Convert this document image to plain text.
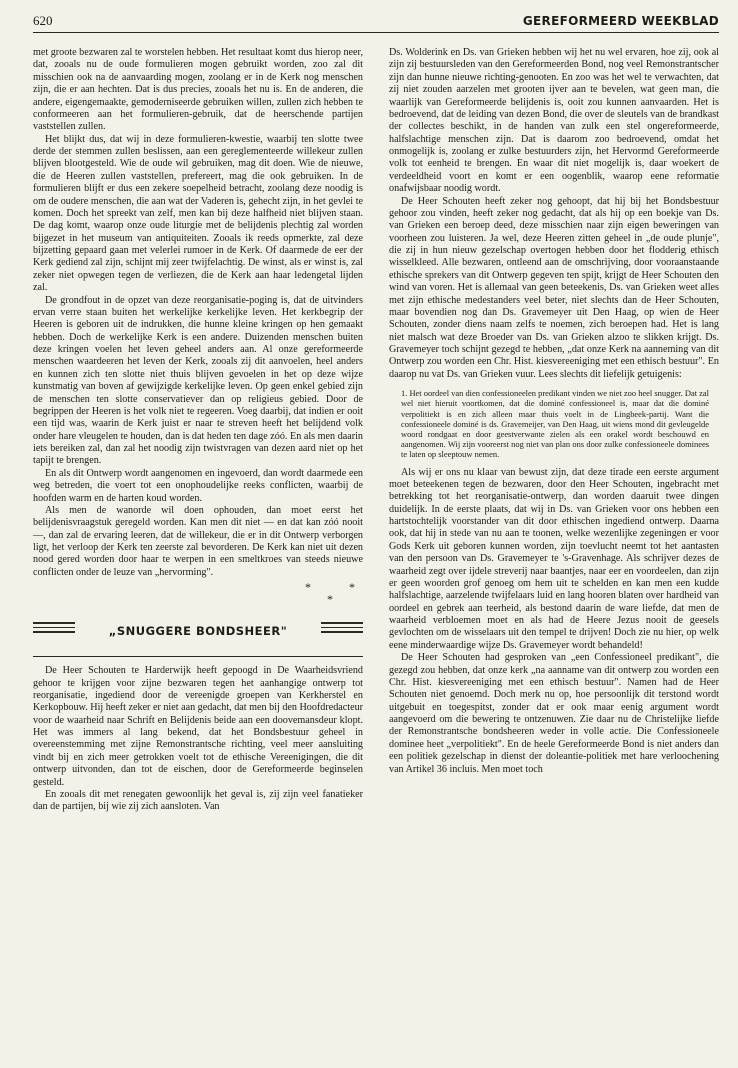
620	GEREFORMEERD WEEKBLAD

met groote bezwaren zal te worstelen hebben. Het resultaat komt dus hierop neer, dat, zooals nu de oude formulieren mogen gebruikt worden, zoo zal dit misschien ook na de aanvaarding mogen, zoolang er in de Kerk nog menschen zijn, die er aan hechten. Dat is dus precies, zooals het nu is. En de anderen, die andere, eigengemaakte, gemoderniseerde gebruiken willen, zullen zich hebben te conformeeren aan het formulieren-gebruik, dat de heerschende partijen vaststellen zullen.

Het blijkt dus, dat wij in deze formulieren-kwestie, waarbij ten slotte twee derde der stemmen zullen beslissen, aan een gereglementeerde willekeur zullen blijven blootgesteld. Wie de oude wil gebruiken, mag dit doen. Wie de nieuwe, die de Heeren zullen vaststellen, prefereert, mag die ook gebruiken. In de formulieren blijft er dus een zekere soepelheid betracht, zoolang deze noodig is om de oudere menschen, die aan wat der Vaderen is, gehecht zijn, in het gevlei te komen. Doch het spreekt van zelf, men kan bij deze halfheid niet blijven staan. De dag komt, waarop onze oude liturgie met de belijdenis plechtig zal worden bijgezet in het museum van antiquiteiten. Zooals ik reeds opmerkte, zal deze bijzetting gepaard gaan met velerlei rumoer in de Kerk. Of daarmede de eer der Kerk gediend zal zijn, schijnt mij zeer twijfelachtig. De winst, als er winst is, zal zeker niet opwegen tegen de verliezen, die de Kerk aan haar ledengetal lijden zal.

De grondfout in de opzet van deze reorganisatie-poging is, dat de uitvinders ervan verre staan buiten het werkelijke kerkelijke leven. Het kerkbegrip der Heeren is geboren uit de indrukken, die hunne kleine kringen op hen gemaakt hebben. Doch de werkelijke Kerk is een andere. Duizenden menschen buiten deze kringen voelen het leven geheel anders aan. Al onze gereformeerde menschen waardeeren het leven der Kerk, zooals zij dit aanvoelen, heel anders en kunnen zich ten slotte niet thuis blijven gevoelen in het op deze wijze kunstmatig van boven af gewijzigde kerkelijke leven. Op geen enkel gebied zijn de menschen ten slotte conservatiever dan op religieus gebied. Door de begrippen der Heeren is het volk niet te regeeren. Voeg daarbij, dat indien er ooit een tijd was, waarin de Kerk juist er naar te streven heeft het belijdend volk onder hare vleugelen te houden, dan is dat heden ten dage zóó. En als men daarin iets bereiken zal, dan zal het noodig zijn twistvragen van dezen aard niet op het tapijt te brengen.

En als dit Ontwerp wordt aangenomen en ingevoerd, dan wordt daarmede een weg betreden, die voert tot een onophoudelijke reeks conflicten, waarbij de hoofden warm en de harten koud worden.

Als men de wanorde wil doen ophouden, dan moet eerst het belijdenisvraagstuk geregeld worden. Kan men dit niet — en dat kan zóó nooit —, dan zal de ervaring leeren, dat de willekeur, die er in dit Ontwerp verborgen ligt, het verloop der Kerk ten zeerste zal bevorderen. De Kerk kan niet uit dezen nood gered worden door haar te werpen in een smeltkroes van steeds nieuwe conflicten onder de leuze van „hervorming".

*	*
*
„SNUGGERE BONDSHEER"

De Heer Schouten te Harderwijk heeft gepoogd in De Waarheidsvriend gehoor te krijgen voor zijne bezwaren tegen het aanhangige ontwerp tot reorganisatie, ingediend door de vereenigde groepen van Kerkherstel en Kerkopbouw. Hij heeft zeker er niet aan gedacht, dat men bij den Hoofdredacteur voor de waarheid naar Schrift en Belijdenis beide aan een doovemansdeur klopt. Het was immers al lang bekend, dat het Bondsbestuur geheel in overeenstemming met zijne Remonstrantsche richting, veel meer aansluiting vindt bij en zich meer getrokken voelt tot de ethische Vereenigingen, die dit ontwerp uitvonden, dan tot de eischen, door de Gereformeerde beginselen gesteld.

En zooals dit met renegaten gewoonlijk het geval is, zij zijn veel fanatieker dan de partijen, bij wie zij zich aansloten. Van

Ds. Wolderink en Ds. van Grieken hebben wij het nu wel ervaren, hoe zij, ook al zijn zij bestuursleden van den Gereformeerden Bond, nog veel Remonstrantscher zijn dan hunne nieuwe richting-genooten. En zoo was het wel te verwachten, dat zij niet zouden aarzelen met grooten ijver aan te bevelen, wat geen man, die waarlijk van Gereformeerde belijdenis is, ooit zou kunnen aanvaarden. Het is bedroevend, dat de leiding van dezen Bond, die over de sleutels van de brandkast der collectes beschikt, in de handen van zulk een stel ongereformeerde, halfslachtige menschen zijn. Dat is daarom zoo bedroevend, omdat het onmogelijk is, zoolang er zulke bestuurders zijn, het Hervormd Gereformeerde volk tot eenheid te brengen. En waar dit niet mogelijk is, daar woekert de verdeeldheid voort en komt er een oogenblik, waarop eene reformatie onafwijsbaar noodig wordt.

De Heer Schouten heeft zeker nog gehoopt, dat hij bij het Bondsbestuur gehoor zou vinden, heeft zeker nog gedacht, dat als hij op een boekje van Ds. van Grieken een beroep deed, deze misschien naar zijn eigen beweringen van voorheen zou luisteren. Ja wel, deze Heeren zitten geheel in „de oude plunje", die zij in hun nieuw gezelschap overtogen hebben door het flodderig ethisch wisselkleed. Alle bezwaren, ontleend aan de omschrijving, door vooraanstaande ethische sprekers van dit Ontwerp gegeven ten spijt, krijgt de Heer Schouten den wind van voren. Het is allemaal van geen beteekenis, Ds. van Grieken weet alles met zijn ethische medestanders veel beter, niet slechts dan de Heer Schouten, maar bovendien nog dan Ds. Gravemeyer uit Den Haag, op wien de Heer Schouten, zonder diens naam zelfs te noemen, zich beroepen had. Het is lang niet malsch wat deze Broeder van Ds. van Grieken alzoo te slikken krijgt. Ds. Gravemeyer toch schijnt gezegd te hebben, „dat onze Kerk na aanneming van dit Ontwerp zou worden een Chr. Hist. kiesvereeniging met een ethisch bestuur". En daarop nu vat Ds. van Grieken vuur. Lees slechts dit liefelijk getuigenis:

1. Het oordeel van dien confessioneelen predikant vinden we niet zoo heel snugger. Dat zal wel niet hieruit voortkomen, dat die dominé confessioneel is, maar dat die dominé verpolitiekt is en zich alleen maar thuis voelt in de Lingbeek-partij. Want die confessioneele dominé is ds. Gravemeijer, van Den Haag, uit wiens mond dit gevleugelde woord rondgaat en door geestverwante zielen als een orakel wordt beschouwd en aangenomen. Wij zijn vooreerst nog niet van plan ons door zulke confessioneele dominees te laten op sleeptouw nemen.

Als wij er ons nu klaar van bewust zijn, dat deze tirade een eerste argument moet beteekenen tegen de bezwaren, door den Heer Schouten, ingebracht met betrekking tot het reorganisatie-ontwerp, dan worden daaruit twee dingen duidelijk. In de eerste plaats, dat wij in Ds. van Grieken voor ons hebben een hartstochtelijk voorstander van dit door ethischen ingediend ontwerp. Daarna ook, dat hij in stede van nu aan te toonen, welke wezenlijke zegeningen er voor Gods Kerk uit geboren kunnen worden, zijn toevlucht neemt tot het aantasten van den persoon van Ds. Gravemeyer te 's-Gravenhage. Als schrijver dezes de waarheid zegt over ijdele streverij naar baantjes, naar eer en voordeelen, dan zijn er geen woorden grof genoeg om hem uit te schelden en kan men een kudde halfslachtige, aarzelende twijfelaars luid en lang hooren blaten over hardheid van oordeel en gebrek aan teerheid, als bestond daarin de ware liefde, dat men de waarheid verbloemen moet en als had de Heere Jezus nooit de geesels gevlochten om de wisselaars uit den tempel te drijven! Doch zie nu hier, op welk eene minderwaardige wijze Ds. Gravemeyer wordt behandeld!

De Heer Schouten had gesproken van „een Confessioneel predikant", die gezegd zou hebben, dat onze kerk „na aanname van dit ontwerp zou worden een Chr. Hist. kiesvereeniging met een ethisch bestuur". Namen had de Heer Schouten niet genoemd. Doch merk nu op, hoe persoonlijk dit terstond wordt uitgebuit en toegespitst, zonder dat er ook maar eenig argument wordt aangevoerd om die bewering te ontzenuwen. Zie daar nu de Christelijke liefde der Remonstrantsche bondsheeren weder in volle actie. Die Confessioneele dominee heet „verpolitiekt". En de heele Gereformeerde Bond is niet anders dan een politiek gezelschap in dienst der doleantie-politiek met hare verloochening van Artikel 36 incluis. Men moet toch
